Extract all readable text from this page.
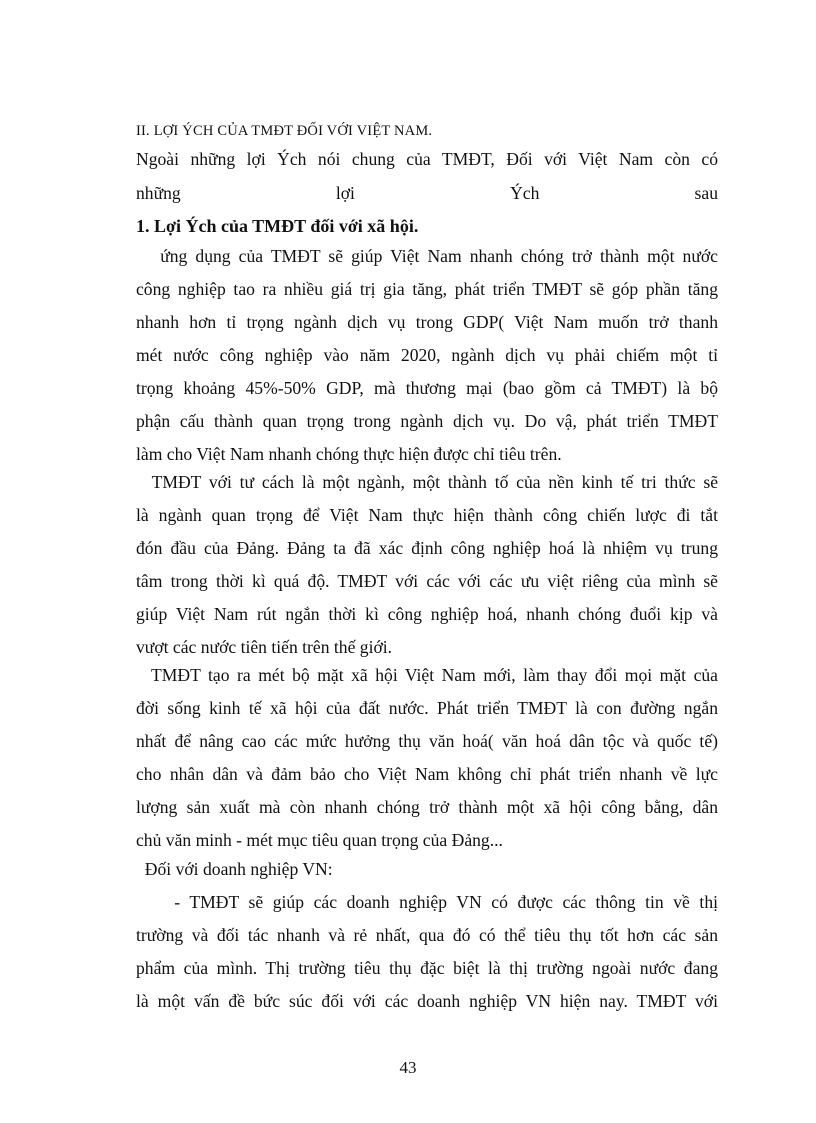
II. LỢI ÝCH CỦA TMĐT ĐỐI VỚI VIỆT NAM.
Ngoài những lợi Ých nói chung của TMĐT, Đối với Việt Nam còn có
những lợi Ých sau
1. Lợi Ých của TMĐT đối với xã hội.
ứng dụng của TMĐT sẽ giúp Việt Nam nhanh chóng trở thành một nước
công nghiệp tao ra nhiều giá trị gia tăng, phát triển TMĐT sẽ góp phần tăng
nhanh hơn tỉ trọng ngành dịch vụ trong GDP( Việt Nam muốn trở thanh
mét nước công nghiệp vào năm 2020, ngành dịch vụ phải chiếm một tỉ
trọng khoảng 45%-50% GDP, mà thương mại (bao gồm cả TMĐT) là bộ
phận cấu thành quan trọng trong ngành dịch vụ. Do vậ, phát triển TMĐT
làm cho Việt Nam nhanh chóng thực hiện được chỉ tiêu trên.
TMĐT với tư cách là một ngành, một thành tố của nền kinh tế tri thức sẽ
là ngành quan trọng để Việt Nam thực hiện thành công chiến lược đi tắt
đón đầu của Đảng. Đảng ta đã xác định công nghiệp hoá là nhiệm vụ trung
tâm trong thời kì quá độ. TMĐT với các với các ưu việt riêng của mình sẽ
giúp Việt Nam rút ngắn thời kì công nghiệp hoá, nhanh chóng đuổi kịp và
vượt các nước tiên tiến trên thế giới.
TMĐT tạo ra mét bộ mặt xã hội Việt Nam mới, làm thay đổi mọi mặt của
đời sống kinh tế xã hội của đất nước. Phát triển TMĐT là con đường ngắn
nhất để nâng cao các mức hưởng thụ văn hoá( văn hoá dân tộc và quốc tế)
cho nhân dân và đảm bảo cho Việt Nam không chỉ phát triển nhanh về lực
lượng sản xuất mà còn nhanh chóng trở thành một xã hội công bằng, dân
chủ văn minh - mét mục tiêu quan trọng của Đảng...
Đối với doanh nghiệp VN:
- TMĐT sẽ giúp các doanh nghiệp VN có được các thông tin về thị
trường và đối tác nhanh và rẻ nhất, qua đó có thể tiêu thụ tốt hơn các sản
phẩm của mình. Thị trường tiêu thụ đặc biệt là thị trường ngoài nước đang
là một vấn đề bức súc đối với các doanh nghiệp VN hiện nay. TMĐT với
43
